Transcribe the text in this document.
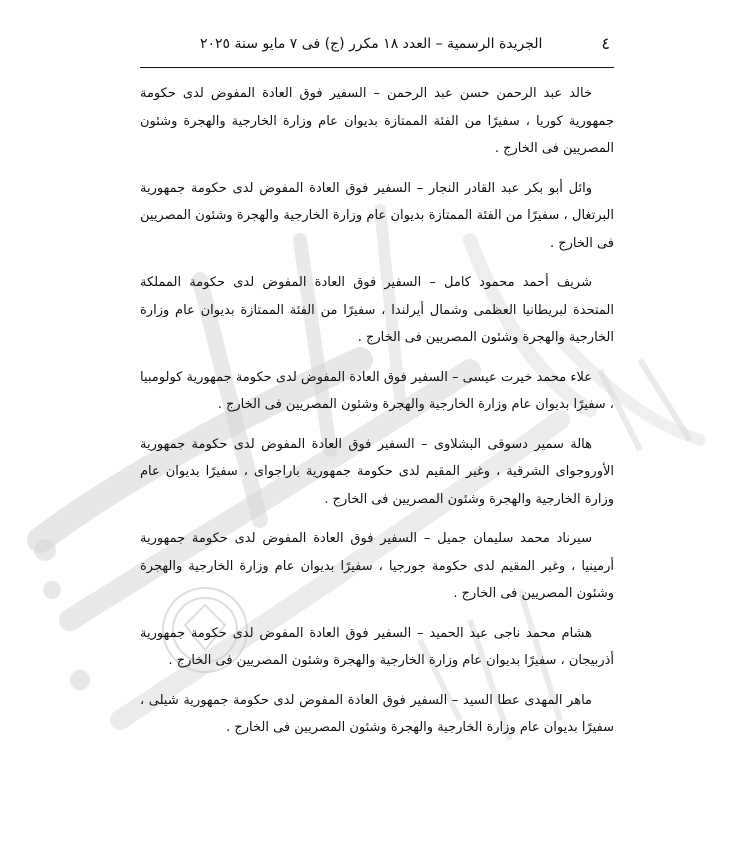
٤
الجريدة الرسمية – العدد ١٨ مكرر (ج) فى ٧ مايو سنة ٢٠٢٥

خالد عبد الرحمن حسن عبد الرحمن – السفير فوق العادة المفوض لدى حكومة جمهورية كوريا ، سفيرًا من الفئة الممتازة بديوان عام وزارة الخارجية والهجرة وشئون المصريين فى الخارج .

وائل أبو بكر عبد القادر النجار – السفير فوق العادة المفوض لدى حكومة جمهورية البرتغال ، سفيرًا من الفئة الممتازة بديوان عام وزارة الخارجية والهجرة وشئون المصريين فى الخارج .

شريف أحمد محمود كامل – السفير فوق العادة المفوض لدى حكومة المملكة المتحدة لبريطانيا العظمى وشمال أيرلندا ، سفيرًا من الفئة الممتازة بديوان عام وزارة الخارجية والهجرة وشئون المصريين فى الخارج .

علاء محمد خيرت عيسى – السفير فوق العادة المفوض لدى حكومة جمهورية كولومبيا ، سفيرًا بديوان عام وزارة الخارجية والهجرة وشئون المصريين فى الخارج .

هالة سمير دسوقى البشلاوى – السفير فوق العادة المفوض لدى حكومة جمهورية الأوروجواى الشرقية ، وغير المقيم لدى حكومة جمهورية باراجواى ، سفيرًا بديوان عام وزارة الخارجية والهجرة وشئون المصريين فى الخارج .

سيرناد محمد سليمان جميل – السفير فوق العادة المفوض لدى حكومة جمهورية أرمينيا ، وغير المقيم لدى حكومة جورجيا ، سفيرًا بديوان عام وزارة الخارجية والهجرة وشئون المصريين فى الخارج .

هشام محمد ناجى عبد الحميد – السفير فوق العادة المفوض لدى حكومة جمهورية أذربيجان ، سفيرًا بديوان عام وزارة الخارجية والهجرة وشئون المصريين فى الخارج .

ماهر المهدى عطا السيد – السفير فوق العادة المفوض لدى حكومة جمهورية شيلى ، سفيرًا بديوان عام وزارة الخارجية والهجرة وشئون المصريين فى الخارج .
